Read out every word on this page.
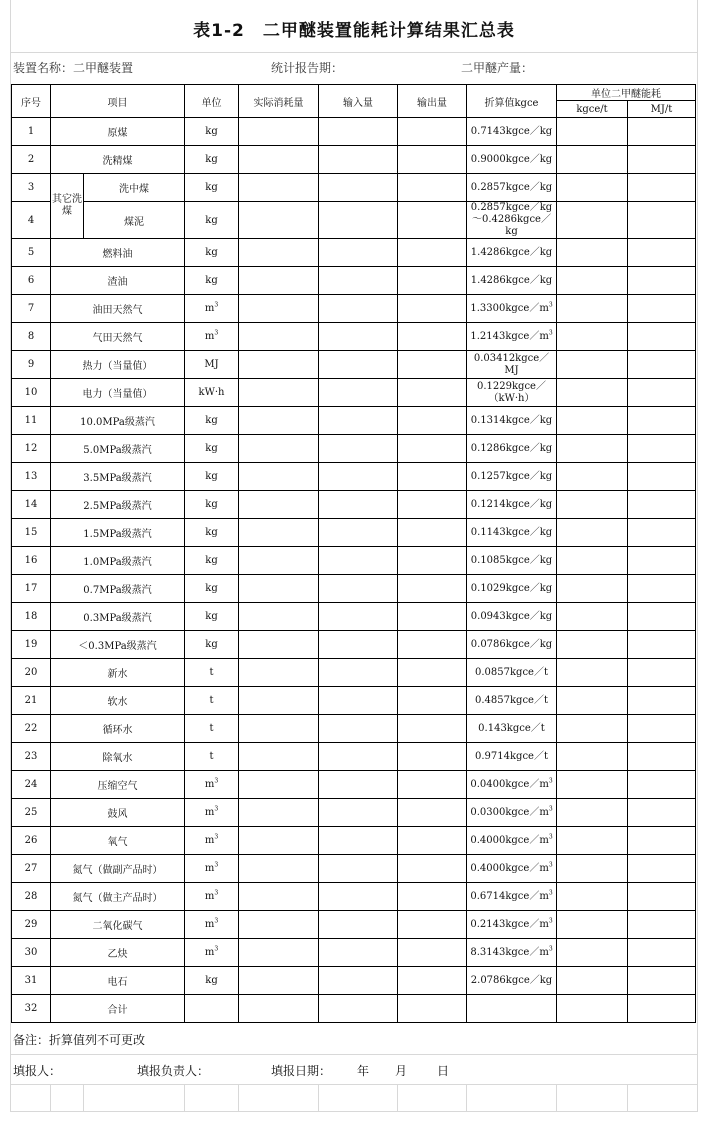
表1-2　二甲醚装置能耗计算结果汇总表
装置名称：二甲醚装置	统计报告期：	二甲醚产量：
序号	项目		单位	实际消耗量	输入量	输出量	折算值kgce	单位二甲醚能耗	
								kgce/t	MJ/t
1	原煤		kg				0.7143kgce／kg		
2	洗精煤		kg				0.9000kgce／kg		
3	其它洗煤	洗中煤	kg				0.2857kgce／kg		
4		煤泥	kg				0.2857kgce／kg ～0.4286kgce／kg		
5	燃料油		kg				1.4286kgce／kg		
6	渣油		kg				1.4286kgce／kg		
7	油田天然气		$m^3$				$1.3300kgce/m^3$		
8	气田天然气		$m^3$				$1.2143kgce/m^3$		
9	热力（当量值）		MJ				0.03412kgce／MJ		
10	电力（当量值）		kW·h				0.1229kgce／ （kW·h）		
11	10.0MPa级蒸汽		kg				0.1314kgce／kg		
12	5.0MPa级蒸汽		kg				0.1286kgce／kg		
13	3.5MPa级蒸汽		kg				0.1257kgce／kg		
14	2.5MPa级蒸汽		kg				0.1214kgce／kg		
15	1.5MPa级蒸汽		kg				0.1143kgce／kg		
16	1.0MPa级蒸汽		kg				0.1085kgce／kg		
17	0.7MPa级蒸汽		kg				0.1029kgce／kg		
18	0.3MPa级蒸汽		kg				0.0943kgce／kg		
19	＜0.3MPa级蒸汽		kg				0.0786kgce／kg		
20	新水		t				0.0857kgce／t		
21	软水		t				0.4857kgce／t		
22	循环水		t				0.143kgce／t		
23	除氧水		t				0.9714kgce／t		
24	压缩空气		$m^3$				$0.0400kgce/m^3$		
25	鼓风		$m^3$				$0.0300kgce/m^3$		
26	氧气		$m^3$				$0.4000kgce/m^3$		
27	氮气（做副产品时）		$m^3$				$0.4000kgce/m^3$		
28	氮气（做主产品时）		$m^3$				$0.6714kgce/m^3$		
29	二氧化碳气		$m^3$				$0.2143kgce/m^3$		
30	乙炔		$m^3$				$8.3143kgce/m^3$		
31	电石		kg				2.0786kgce／kg		
32	合计								
备注：折算值列不可更改
填报人：	填报负责人：	填报日期：	年	月	日
